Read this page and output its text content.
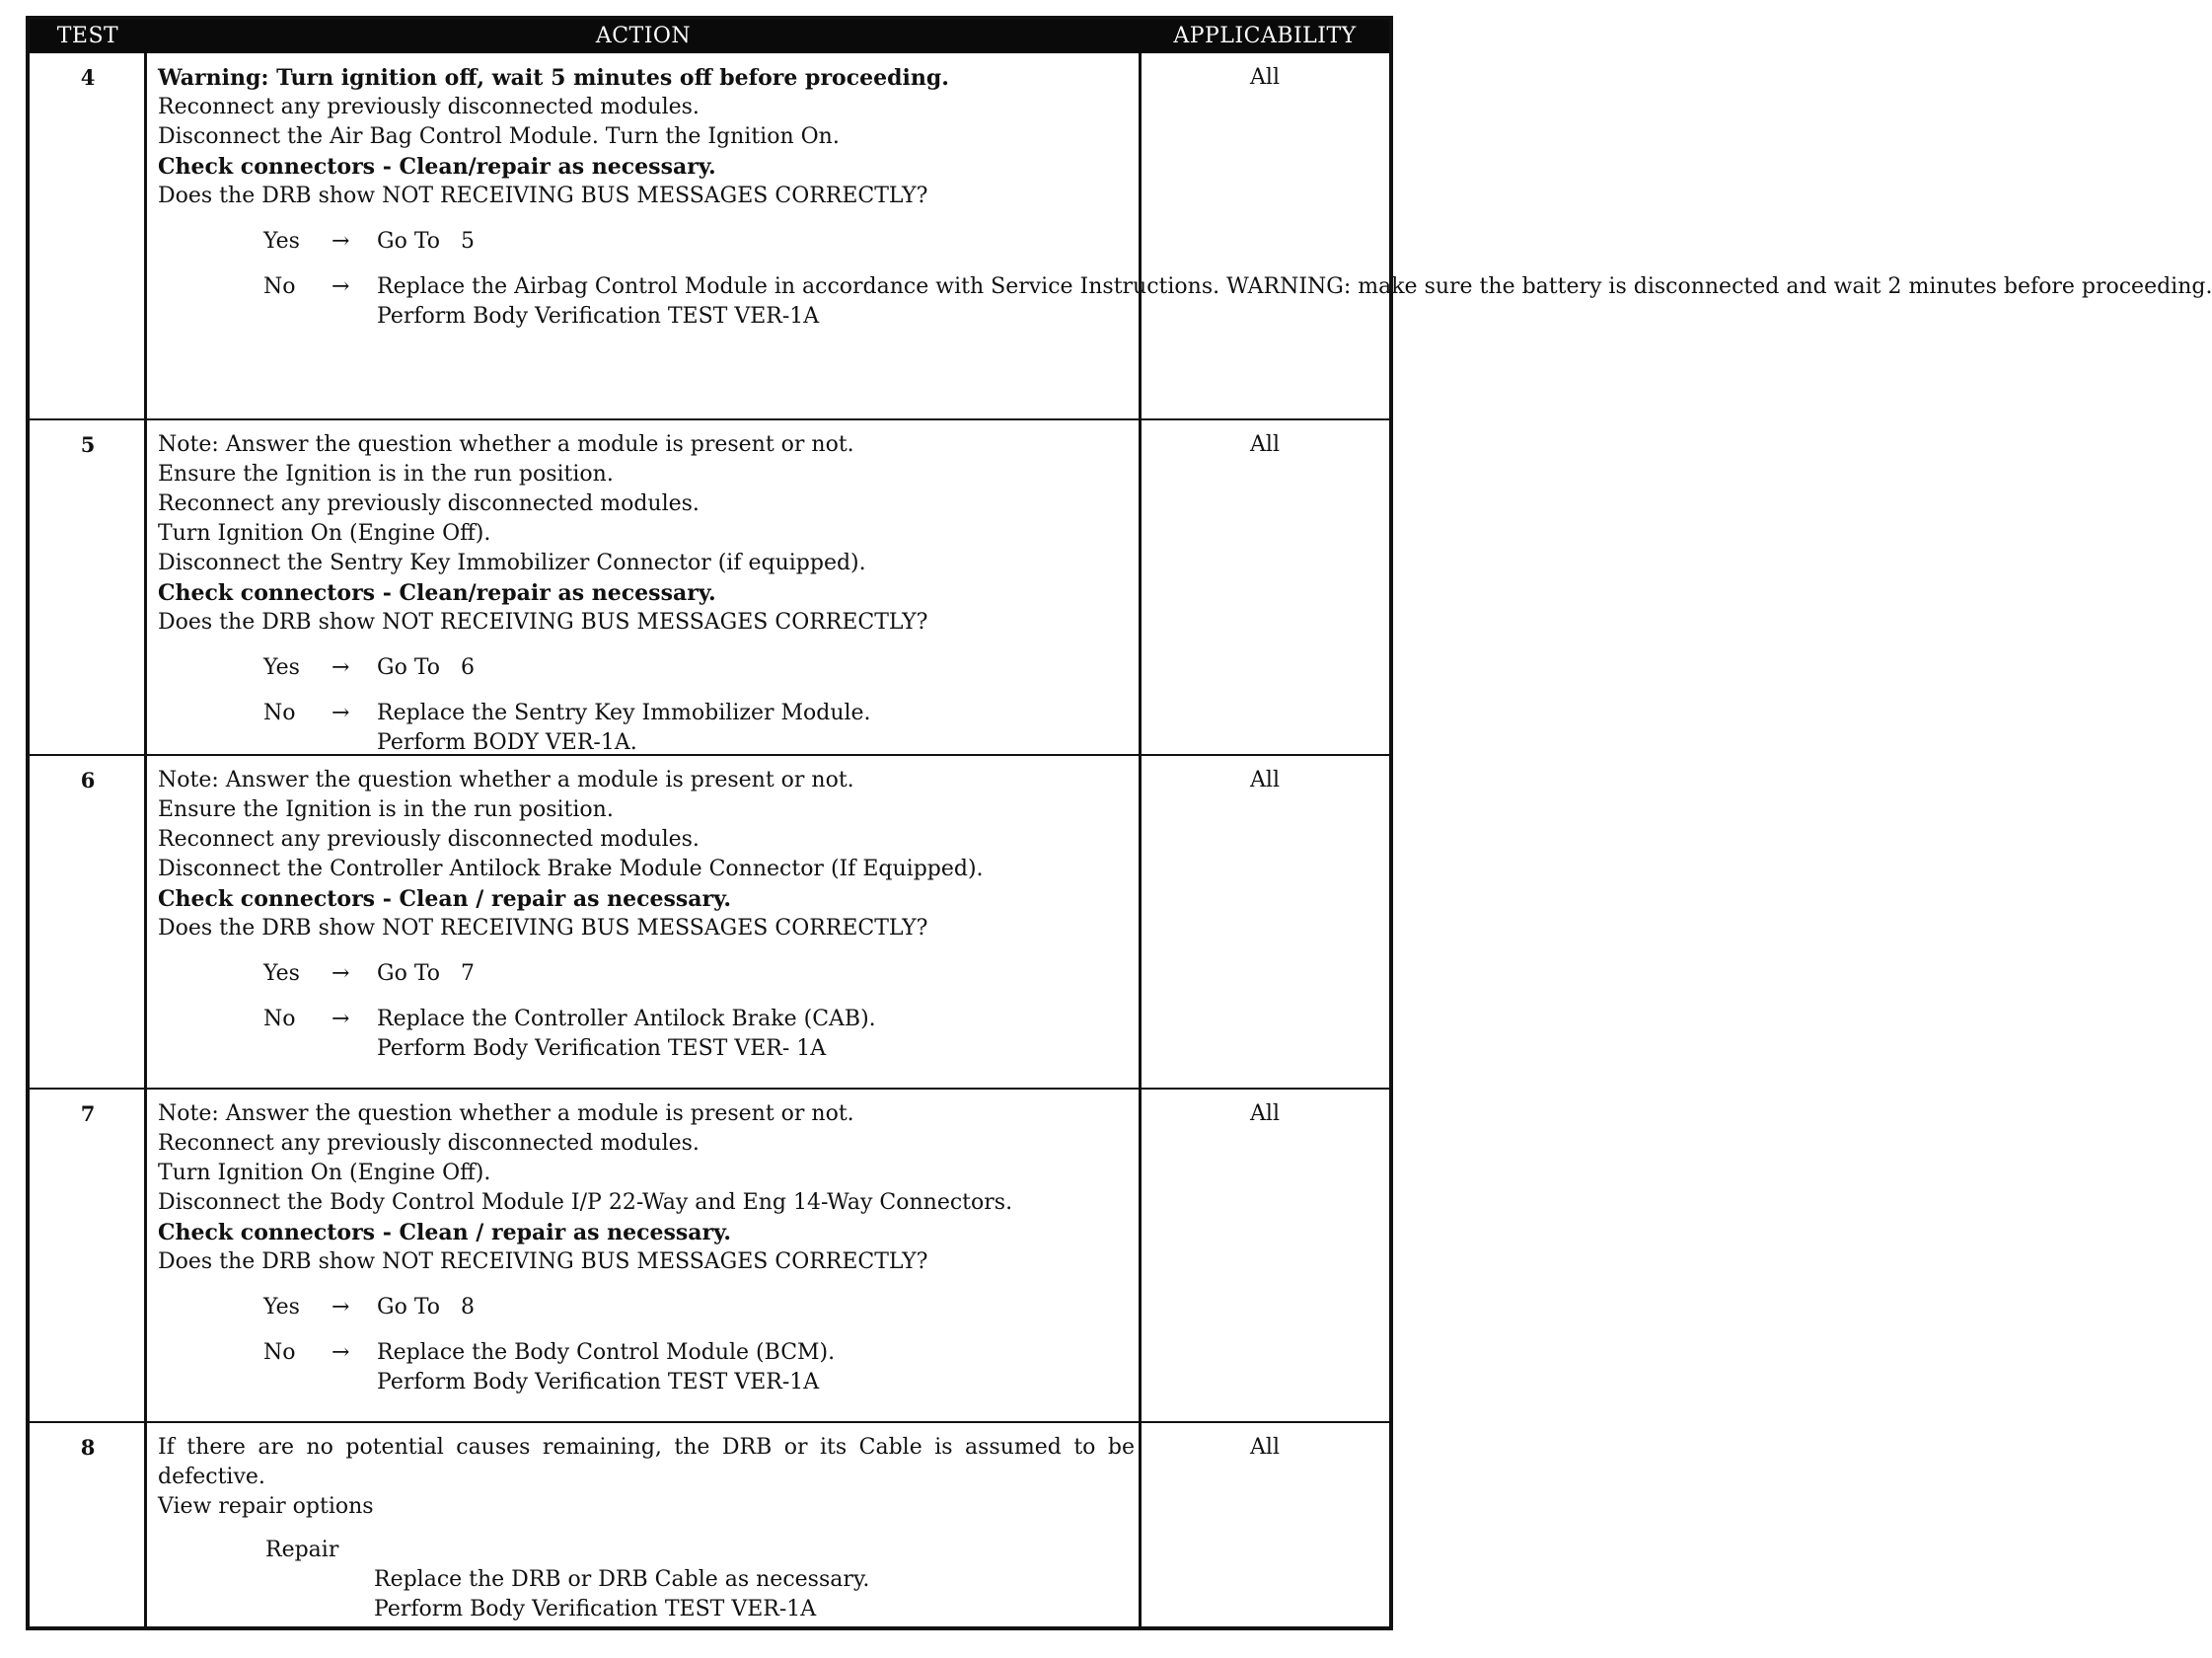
TEST	ACTION	APPLICABILITY
4	Warning: Turn ignition off, wait 5 minutes off before proceeding.
Reconnect any previously disconnected modules.
Disconnect the Air Bag Control Module. Turn the Ignition On.
Check connectors - Clean/repair as necessary.
Does the DRB show NOT RECEIVING BUS MESSAGES CORRECTLY?
Yes → Go To   5
No → Replace the Airbag Control Module in accordance with Service Instructions. WARNING: make sure the battery is disconnected and wait 2 minutes before proceeding.
Perform Body Verification TEST VER-1A
All
5	Note: Answer the question whether a module is present or not.
Ensure the Ignition is in the run position.
Reconnect any previously disconnected modules.
Turn Ignition On (Engine Off).
Disconnect the Sentry Key Immobilizer Connector (if equipped).
Check connectors - Clean/repair as necessary.
Does the DRB show NOT RECEIVING BUS MESSAGES CORRECTLY?
Yes → Go To   6
No → Replace the Sentry Key Immobilizer Module.
Perform BODY VER-1A.
All
6	Note: Answer the question whether a module is present or not.
Ensure the Ignition is in the run position.
Reconnect any previously disconnected modules.
Disconnect the Controller Antilock Brake Module Connector (If Equipped).
Check connectors - Clean / repair as necessary.
Does the DRB show NOT RECEIVING BUS MESSAGES CORRECTLY?
Yes → Go To   7
No → Replace the Controller Antilock Brake (CAB).
Perform Body Verification TEST VER- 1A
All
7	Note: Answer the question whether a module is present or not.
Reconnect any previously disconnected modules.
Turn Ignition On (Engine Off).
Disconnect the Body Control Module I/P 22-Way and Eng 14-Way Connectors.
Check connectors - Clean / repair as necessary.
Does the DRB show NOT RECEIVING BUS MESSAGES CORRECTLY?
Yes → Go To   8
No → Replace the Body Control Module (BCM).
Perform Body Verification TEST VER-1A
All
8	If there are no potential causes remaining, the DRB or its Cable is assumed to be defective.
View repair options
Repair
Replace the DRB or DRB Cable as necessary.
Perform Body Verification TEST VER-1A
All
